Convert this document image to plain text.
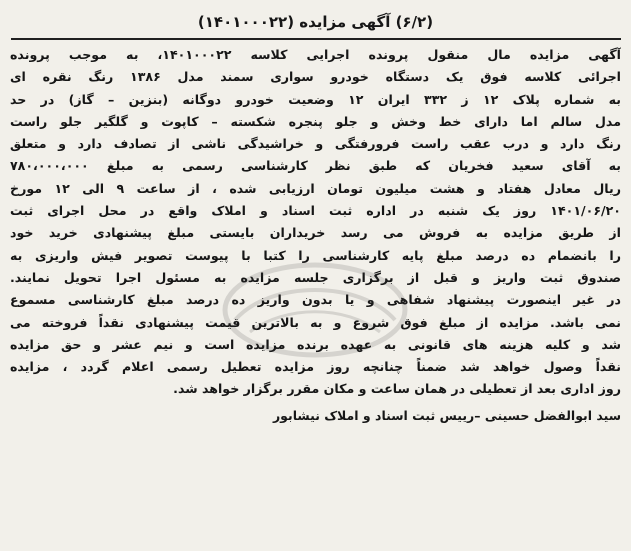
(۶/۲) آگهی مزایده (۱۴۰۱۰۰۰۲۲)
آگهی مزایده مال منقول پرونده اجرایی کلاسه ۱۴۰۱۰۰۰۲۲، به موجب پرونده
اجرائی کلاسه فوق یک دستگاه خودرو سواری سمند مدل ۱۳۸۶ رنگ نقره ای
به شماره پلاک ۱۲ ز ۳۳۲ ایران ۱۲ وضعیت خودرو دوگانه (بنزین – گاز) در حد
مدل سالم اما دارای خط وخش و جلو پنجره شکسته – کاپوت و گلگیر جلو راست
رنگ دارد و درب عقب راست فرورفتگی و خراشیدگی ناشی از تصادف دارد و متعلق
به آقای سعید فخریان که طبق نظر کارشناسی رسمی به مبلغ ۷۸۰،۰۰۰،۰۰۰
ریال معادل هفتاد و هشت میلیون تومان ارزیابی شده ، از ساعت ۹ الی ۱۲ مورخ
۱۴۰۱/۰۶/۲۰ روز یک شنبه در اداره ثبت اسناد و املاک واقع در محل اجرای ثبت
از طریق مزایده به فروش می رسد خریداران بایستی مبلغ پیشنهادی خرید خود
را بانضمام ده درصد مبلغ پایه کارشناسی را کتبا با پیوست تصویر فیش واریزی به
صندوق ثبت واریز و قبل از برگزاری جلسه مزایده به مسئول اجرا تحویل نمایند.
در غیر اینصورت پیشنهاد شفاهی و یا بدون واریز ده درصد مبلغ کارشناسی مسموع
نمی باشد. مزایده از مبلغ فوق شروع و به بالاترین قیمت پیشنهادی نقداً فروخته می
شد و کلیه هزینه های قانونی به عهده برنده مزایده است و نیم عشر و حق مزایده
نقداً وصول خواهد شد ضمناً چنانچه روز مزایده تعطیل رسمی اعلام گردد ، مزایده
روز اداری بعد از تعطیلی در همان ساعت و مکان مقرر برگزار خواهد شد.
سید ابوالفضل حسینی –رییس ثبت اسناد و املاک نیشابور
